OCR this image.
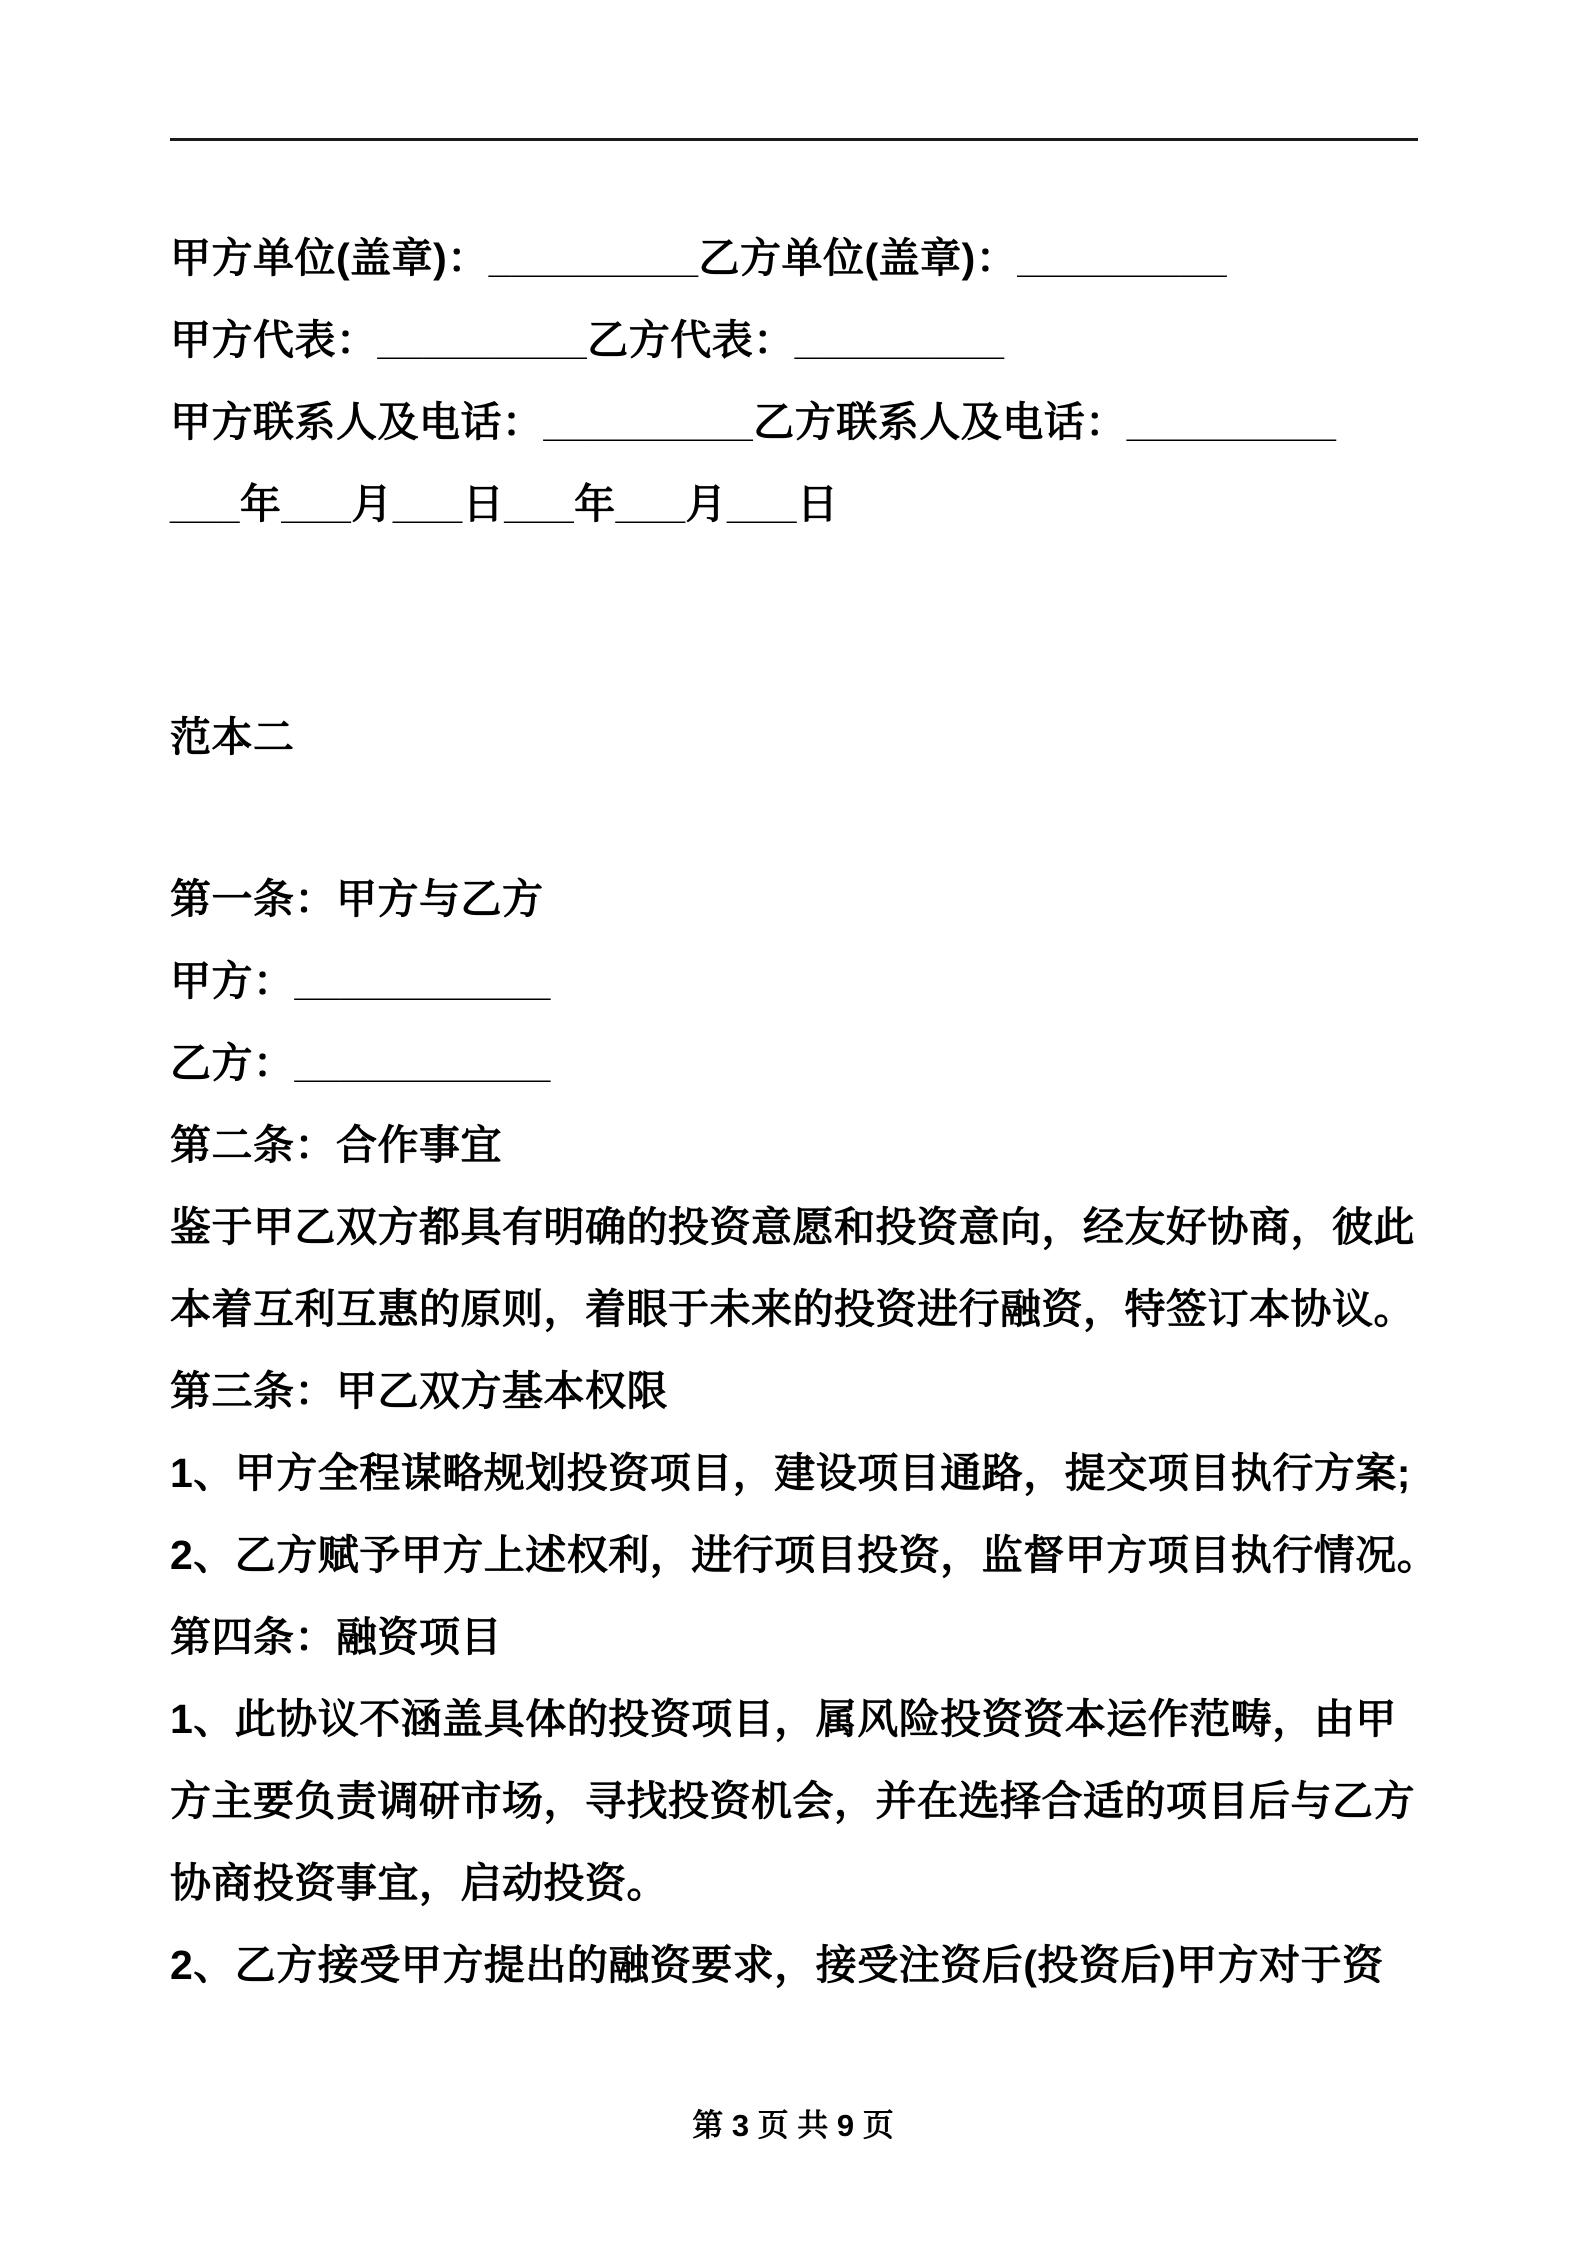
甲方单位(盖章)：_________乙方单位(盖章)：_________

甲方代表：_________乙方代表：_________

甲方联系人及电话：_________乙方联系人及电话：_________

___年___月___日___年___月___日

范本二

第一条：甲方与乙方

甲方：___________

乙方：___________

第二条：合作事宜

鉴于甲乙双方都具有明确的投资意愿和投资意向，经友好协商，彼此

本着互利互惠的原则，着眼于未来的投资进行融资，特签订本协议。

第三条：甲乙双方基本权限

1、甲方全程谋略规划投资项目，建设项目通路，提交项目执行方案;

2、乙方赋予甲方上述权利，进行项目投资，监督甲方项目执行情况。

第四条：融资项目

1、此协议不涵盖具体的投资项目，属风险投资资本运作范畴，由甲

方主要负责调研市场，寻找投资机会，并在选择合适的项目后与乙方

协商投资事宜，启动投资。

2、乙方接受甲方提出的融资要求，接受注资后(投资后)甲方对于资

第 3 页 共 9 页
